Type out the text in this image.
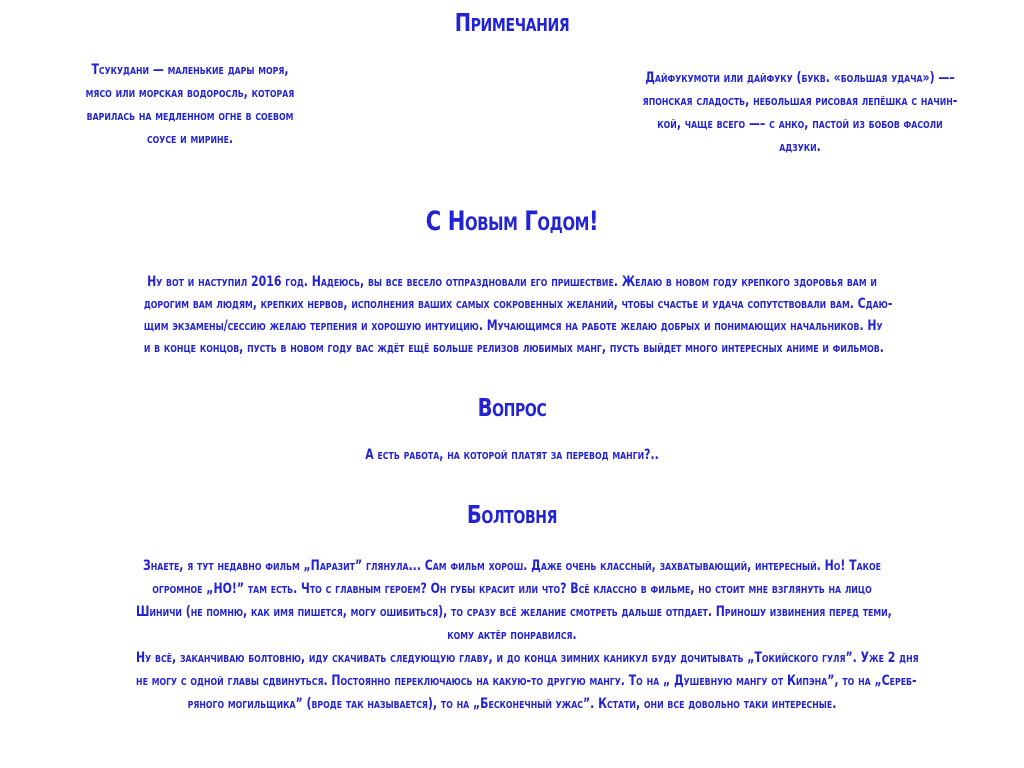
Примечания
Тсукудани — маленькие дары моря,
мясо или морская водоросль, которая
варилась на медленном огне в соевом
соусе и мирине.
Дайфукумоти или дайфуку (букв. «большая удача») —–
японская сладость, небольшая рисовая лепёшка с начин-
кой, чаще всего —– с анко, пастой из бобов фасоли
адзуки.
С Новым Годом!
Ну вот и наступил 2016 год. Надеюсь, вы все весело отпраздновали его пришествие. Желаю в новом году крепкого здоровья вам и
дорогим вам людям, крепких нервов, исполнения ваших самых сокровенных желаний, чтобы счастье и удача сопутствовали вам. Сдаю-
щим экзамены/сессию желаю терпения и хорошую интуицию. Мучающимся на работе желаю добрых и понимающих начальников. Ну
и в конце концов, пусть в новом году вас ждёт ещё больше релизов любимых манг, пусть выйдет много интересных аниме и фильмов.
Вопрос
А есть работа, на которой платят за перевод манги?..
Болтовня
Знаете, я тут недавно фильм „Паразит” глянула... Сам фильм хорош. Даже очень классный, захватывающий, интересный. Но! Такое
огромное „НО!” там есть. Что с главным героем? Он губы красит или что? Всё классно в фильме, но стоит мне взглянуть на лицо
Шиничи (не помню, как имя пишется, могу ошибиться), то сразу всё желание смотреть дальше отпдает. Приношу извинения перед теми,
кому актёр понравился.
Ну всё, заканчиваю болтовню, иду скачивать следующую главу, и до конца зимних каникул буду дочитывать „Токийского гуля”. Уже 2 дня
не могу с одной главы сдвинуться. Постоянно переключаюсь на какую-то другую мангу. То на „ Душевную мангу от Кипэна”, то на „Сереб-
ряного могильщика” (вроде так называется), то на „Бесконечный ужас”. Кстати, они все довольно таки интересные.
